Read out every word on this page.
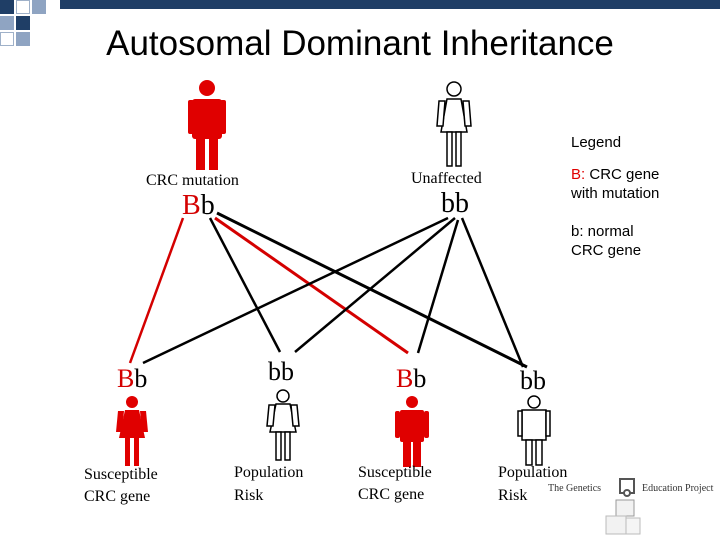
Autosomal Dominant Inheritance
CRC mutation
Bb
Unaffected
bb
Legend
B: CRC gene
with mutation
b: normal
CRC gene
Bb	bb	Bb	bb
Susceptible
CRC gene
Population
Risk
Susceptible
CRC gene
Population
Risk	The Genetics	Education Project
